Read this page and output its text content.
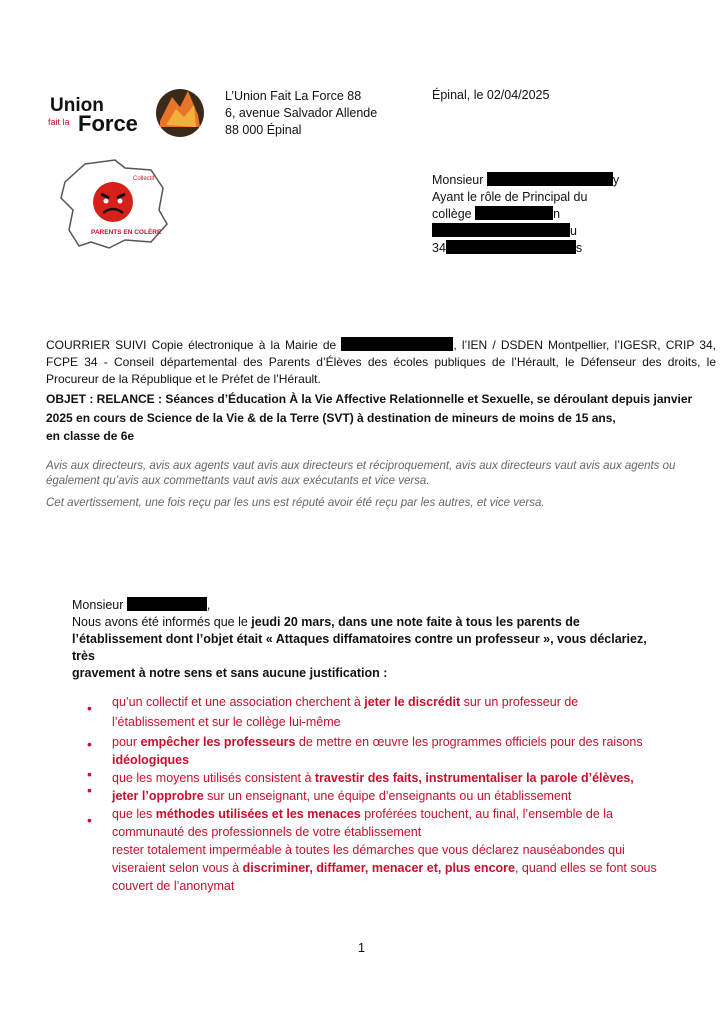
Union
fait la Force
Collectif
PARENTS EN COLÈRE
L’Union Fait La Force 88
6, avenue Salvador Allende
88 000 Épinal
Épinal, le 02/04/2025
Monsieur	y
Ayant le rôle de Principal du
collège	n
u
34	s
COURRIER SUIVI Copie électronique à la Mairie de	, l’IEN / DSDEN Montpellier, l’IGESR, CRIP 34, FCPE 34 - Conseil départemental des Parents d’Élèves des écoles publiques de l’Hérault, le Défenseur des droits, le Procureur de la République et le Préfet de l’Hérault.
OBJET : RELANCE : Séances d’Éducation À la Vie Affective Relationnelle et Sexuelle, se déroulant depuis janvier
2025 en cours de Science de la Vie & de la Terre (SVT) à destination de mineurs de moins de 15 ans,
en classe de 6e

Avis aux directeurs, avis aux agents vaut avis aux directeurs et réciproquement, avis aux directeurs vaut avis aux agents ou également qu’avis aux commettants vaut avis aux exécutants et vice versa.

Cet avertissement, une fois reçu par les uns est réputé avoir été reçu par les autres, et vice versa.

Monsieur	,
Nous avons été informés que le jeudi 20 mars, dans une note faite à tous les parents de
l’établissement dont l’objet était « Attaques diffamatoires contre un professeur », vous déclariez, très
gravement à notre sens et sans aucune justification :
qu’un collectif et une association cherchent à jeter le discrédit sur un professeur de
l’établissement et sur le collège lui-même
pour empêcher les professeurs de mettre en œuvre les programmes officiels pour des raisons
idéologiques
que les moyens utilisés consistent à travestir des faits, instrumentaliser la parole d’élèves,
jeter l’opprobre sur un enseignant, une équipe d’enseignants ou un établissement
que les méthodes utilisées et les menaces proférées touchent, au final, l’ensemble de la
communauté des professionnels de votre établissement
rester totalement imperméable à toutes les démarches que vous déclarez nauséabondes qui
viseraient selon vous à discriminer, diffamer, menacer et, plus encore, quand elles se font sous
couvert de l’anonymat
•
•
•
•
•
1
